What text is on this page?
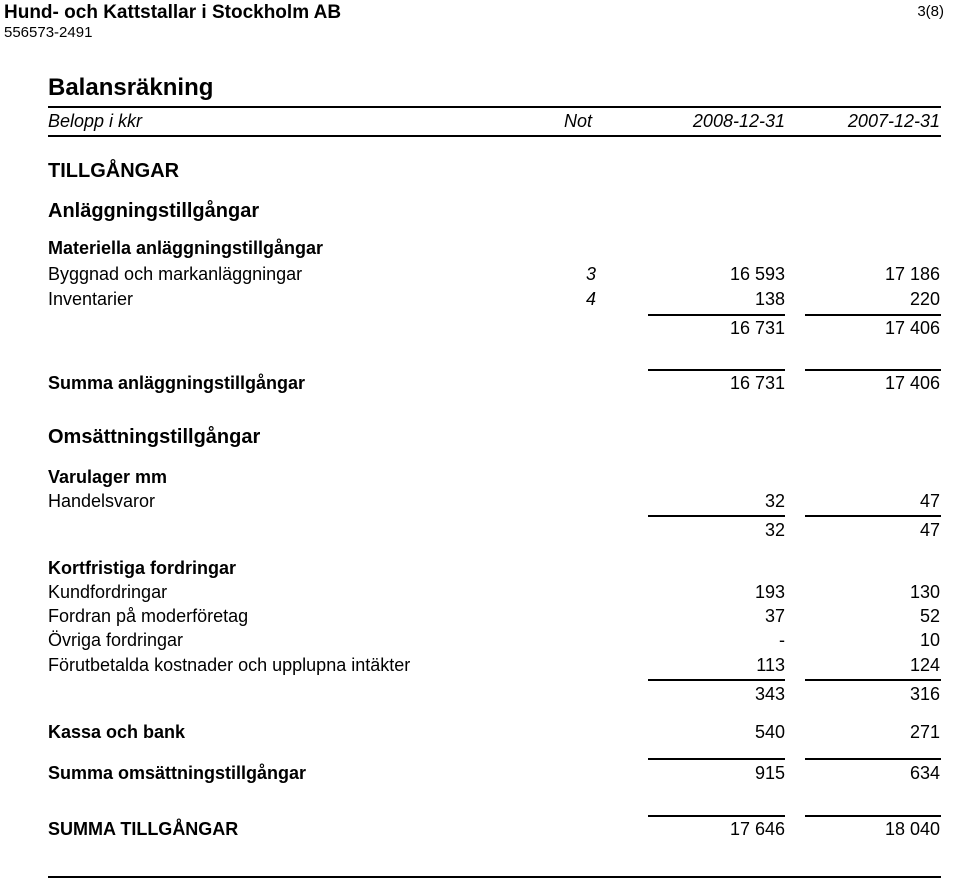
Hund- och Kattstallar i Stockholm AB
556573-2491
3(8)
Balansräkning
Belopp i kkr	Not	2008-12-31	2007-12-31
TILLGÅNGAR
Anläggningstillgångar
Materiella anläggningstillgångar
Byggnad och markanläggningar	3	16 593	17 186
Inventarier	4	138	220
16 731	17 406
Summa anläggningstillgångar	16 731	17 406
Omsättningstillgångar
Varulager mm
Handelsvaror	32	47
32	47
Kortfristiga fordringar
Kundfordringar	193	130
Fordran på moderföretag	37	52
Övriga fordringar	-	10
Förutbetalda kostnader och upplupna intäkter	113	124
343	316
Kassa och bank	540	271
Summa omsättningstillgångar	915	634
SUMMA TILLGÅNGAR	17 646	18 040
